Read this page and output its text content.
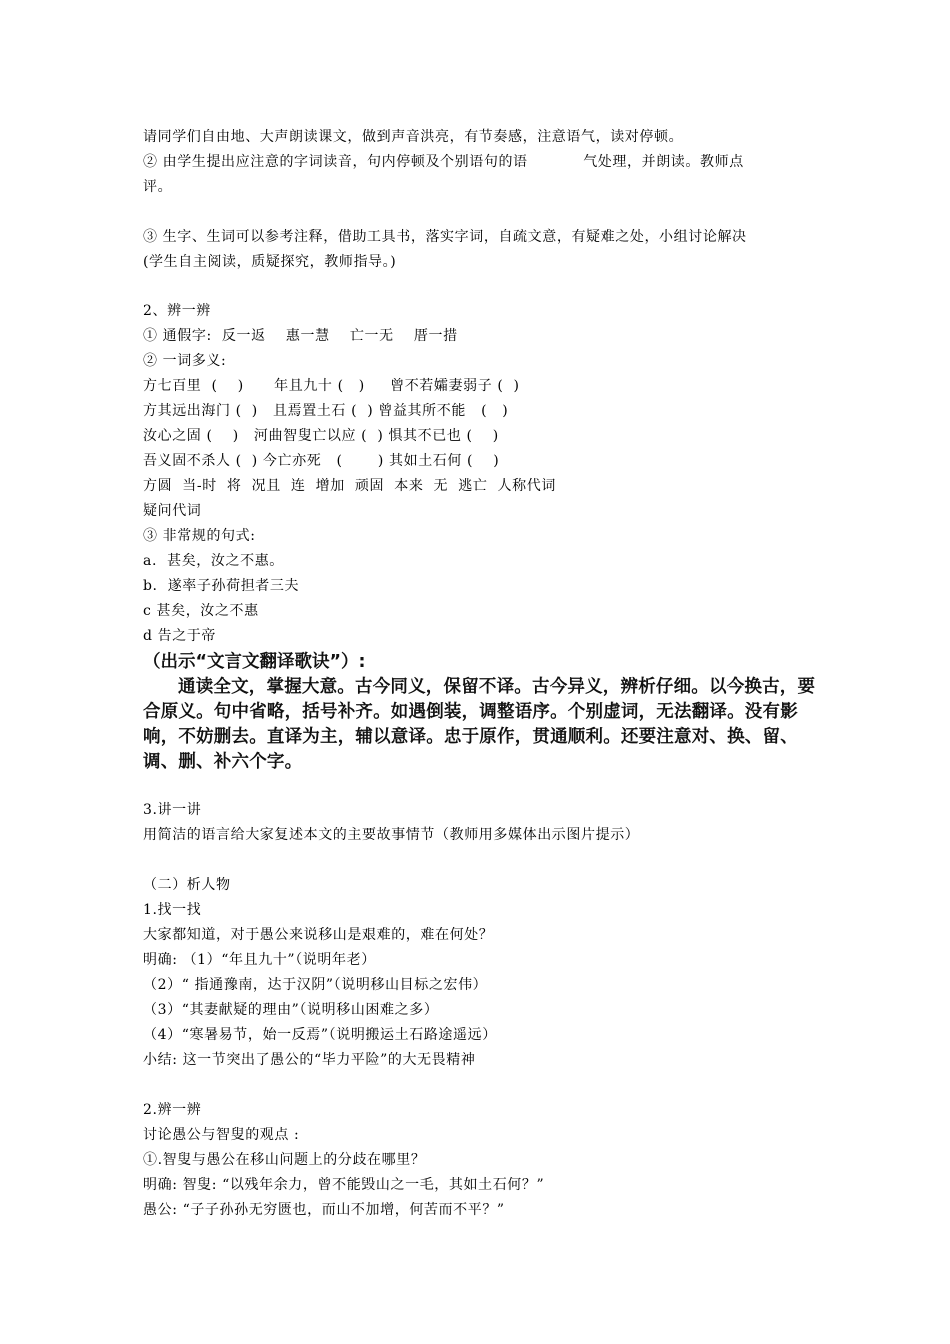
请同学们自由地、大声朗读课文，做到声音洪亮，有节奏感，注意语气，读对停顿。
② 由学生提出应注意的字词读音，句内停顿及个别语句的语           气处理，并朗读。教师点
评。
③ 生字、生词可以参考注释，借助工具书，落实字词，自疏文意，有疑难之处，小组讨论解决
(学生自主阅读，质疑探究，教师指导。)
2、辨一辨
① 通假字:  反一返    惠一慧    亡一无    厝一措
② 一词多义:
方七百里  (    )      年且九十 (   )     曾不若孀妻弱子 (  )
方其远出海门 (  )   且焉置土石 (  ) 曾益其所不能   (   )
汝心之固 (    )   河曲智叟亡以应 (  ) 惧其不已也 (    )
吾义固不杀人 (  ) 今亡亦死   (       ) 其如土石何 (    )
方圆  当-时  将  况且  连  增加  顽固  本来  无  逃亡  人称代词
疑问代词
③ 非常规的句式:
a.  甚矣，汝之不惠。
b.  遂率子孙荷担者三夫
c 甚矣，汝之不惠
d 告之于帝
（出示“文言文翻译歌诀”）:
通读全文，掌握大意。古今同义，保留不译。古今异义，辨析仔细。以今换古，要合原义。句中省略，括号补齐。如遇倒装，调整语序。个别虚词，无法翻译。没有影响，不妨删去。直译为主，辅以意译。忠于原作，贯通顺利。还要注意对、换、留、调、删、补六个字。
3.讲一讲
用简洁的语言给大家复述本文的主要故事情节（教师用多媒体出示图片提示）
（二）析人物
1.找一找
大家都知道，对于愚公来说移山是艰难的，难在何处？
明确: （1）“年且九十”（说明年老）
（2）“ 指通豫南，达于汉阴”（说明移山目标之宏伟）
（3）“其妻献疑的理由”（说明移山困难之多）
（4）“寒暑易节，始一反焉”（说明搬运土石路途遥远）
小结: 这一节突出了愚公的“毕力平险”的大无畏精神
2.辨一辨
讨论愚公与智叟的观点 :
①.智叟与愚公在移山问题上的分歧在哪里？
明确: 智叟: “以残年余力，曾不能毁山之一毛，其如土石何？”
愚公: “子子孙孙无穷匮也，而山不加增，何苦而不平？”
